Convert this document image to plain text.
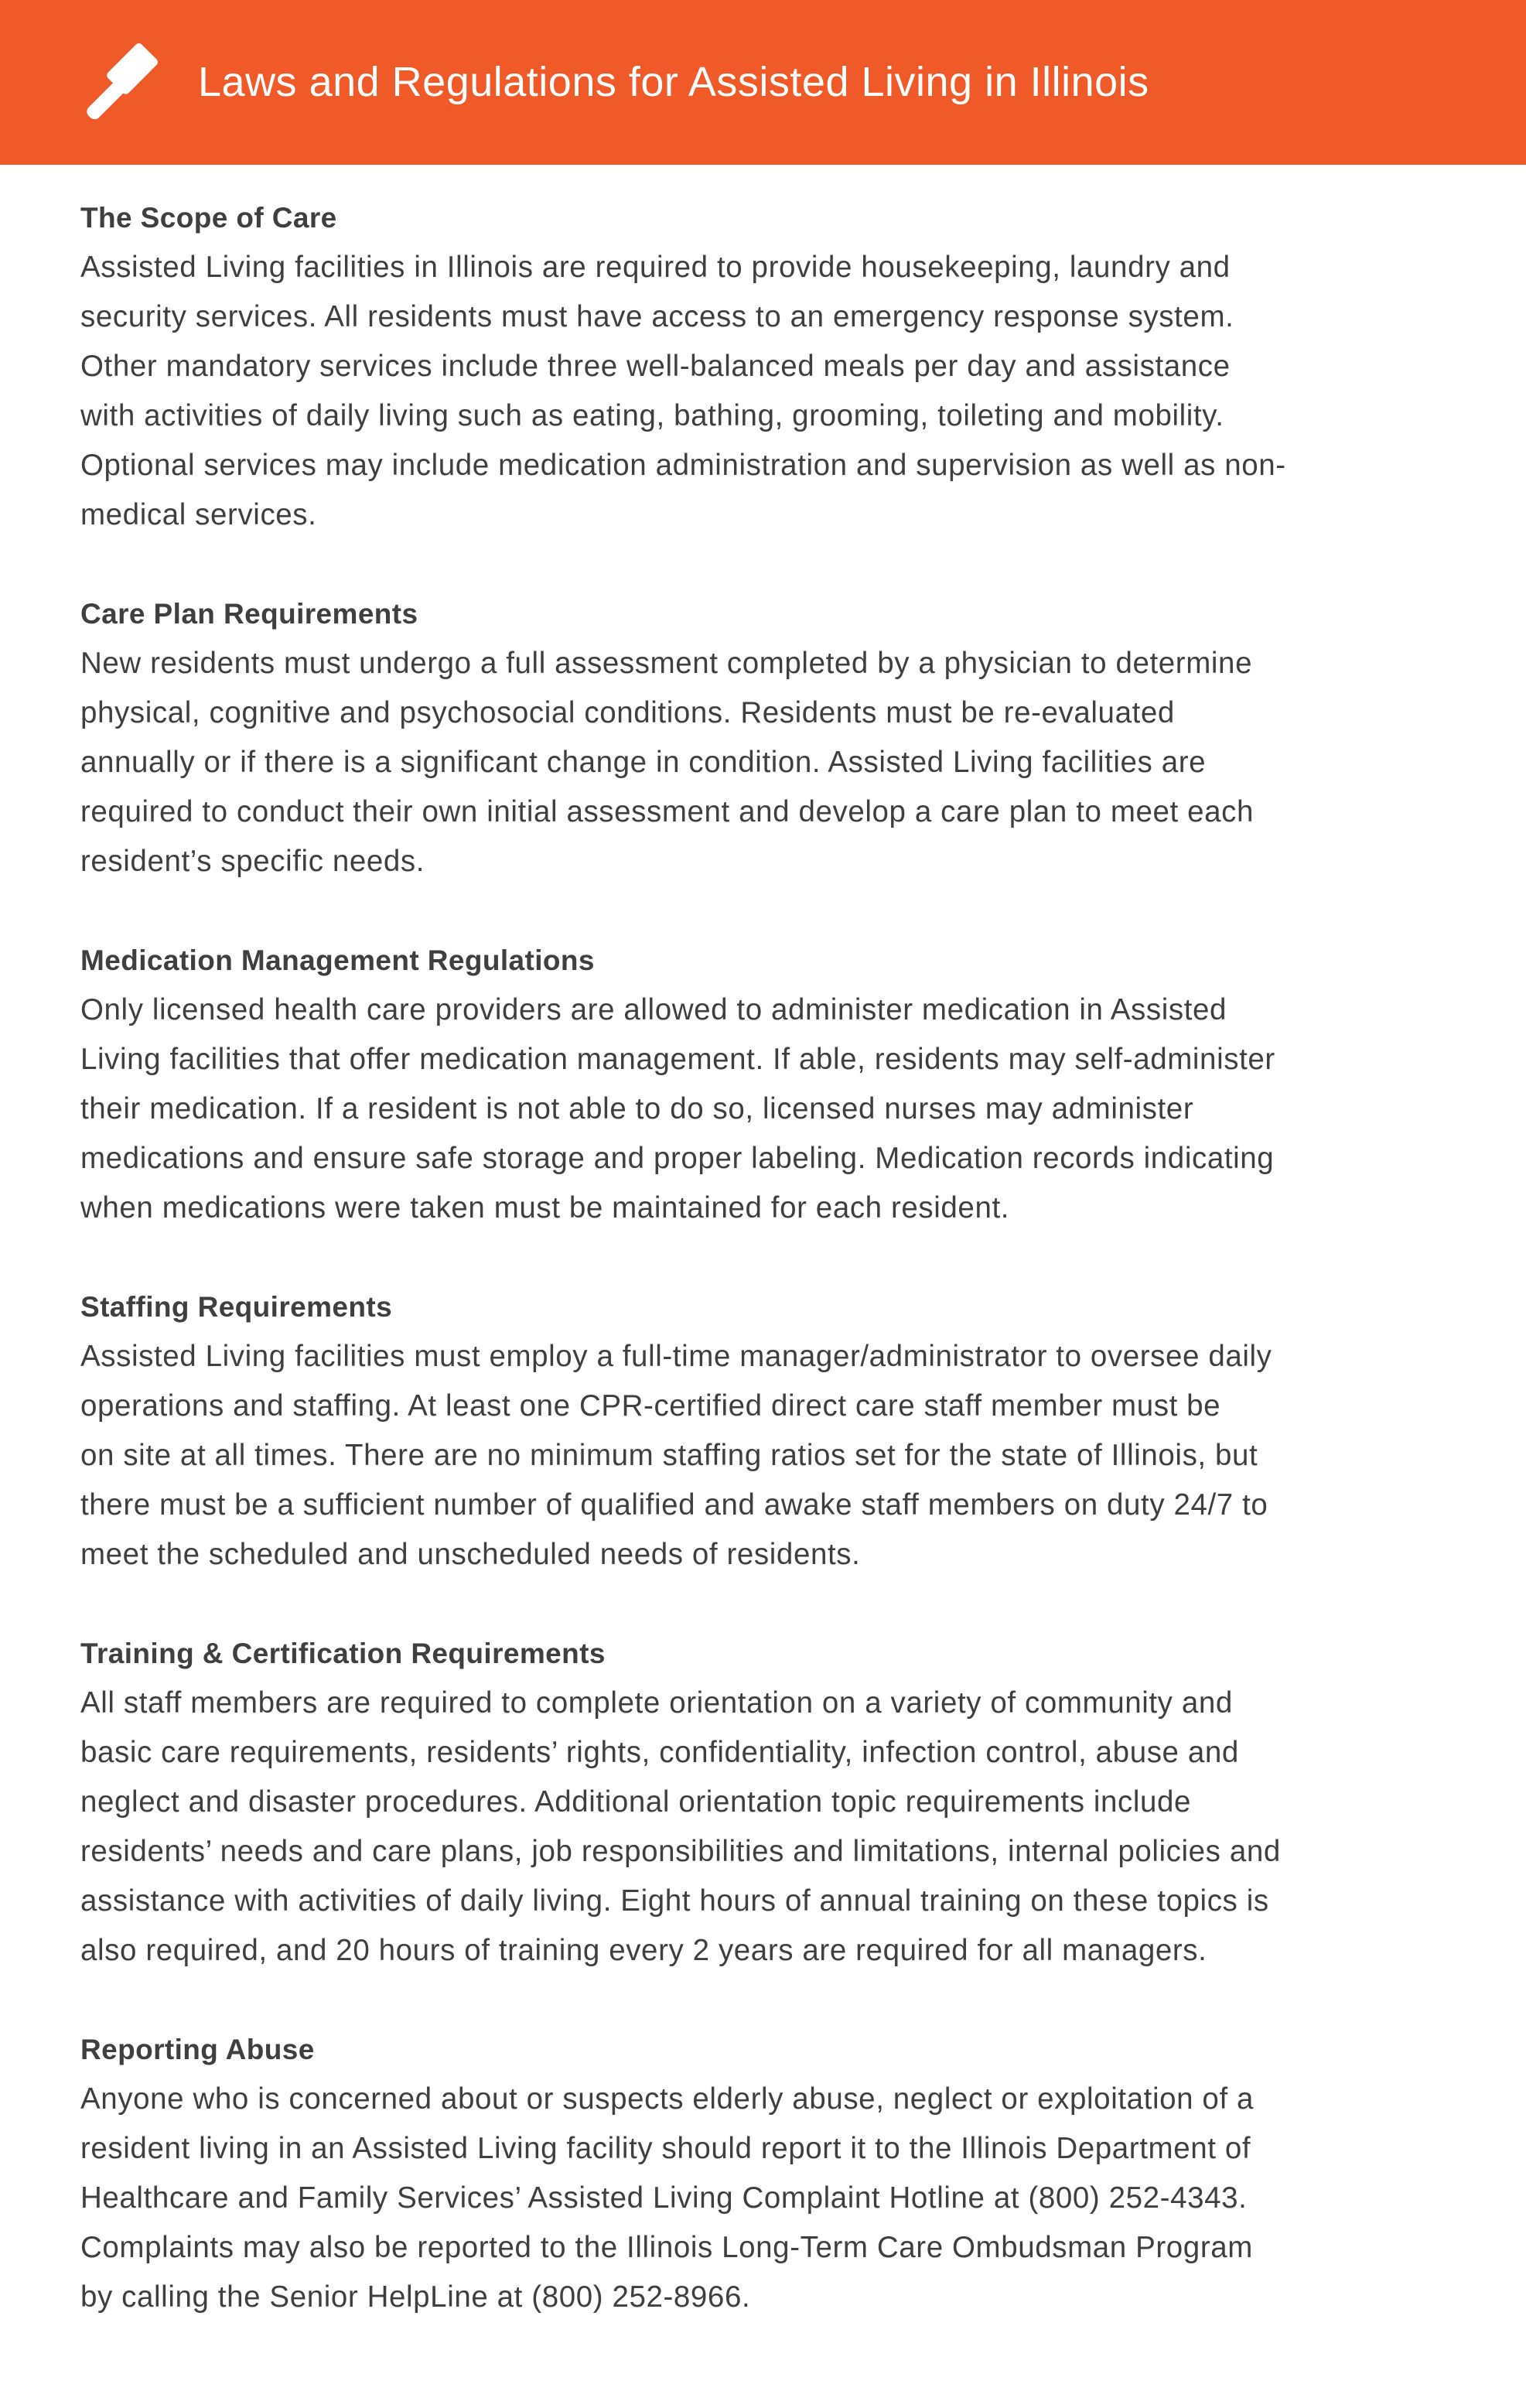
Laws and Regulations for Assisted Living in Illinois
The Scope of Care
Assisted Living facilities in Illinois are required to provide housekeeping, laundry and
security services. All residents must have access to an emergency response system.
Other mandatory services include three well-balanced meals per day and assistance
with activities of daily living such as eating, bathing, grooming, toileting and mobility.
Optional services may include medication administration and supervision as well as non-
medical services.
Care Plan Requirements
New residents must undergo a full assessment completed by a physician to determine
physical, cognitive and psychosocial conditions. Residents must be re-evaluated
annually or if there is a significant change in condition. Assisted Living facilities are
required to conduct their own initial assessment and develop a care plan to meet each
resident’s specific needs.
Medication Management Regulations
Only licensed health care providers are allowed to administer medication in Assisted
Living facilities that offer medication management. If able, residents may self-administer
their medication. If a resident is not able to do so, licensed nurses may administer
medications and ensure safe storage and proper labeling. Medication records indicating
when medications were taken must be maintained for each resident.
Staffing Requirements
Assisted Living facilities must employ a full-time manager/administrator to oversee daily
operations and staffing. At least one CPR-certified direct care staff member must be
on site at all times. There are no minimum staffing ratios set for the state of Illinois, but
there must be a sufficient number of qualified and awake staff members on duty 24/7 to
meet the scheduled and unscheduled needs of residents.
Training & Certification Requirements
All staff members are required to complete orientation on a variety of community and
basic care requirements, residents’ rights, confidentiality, infection control, abuse and
neglect and disaster procedures. Additional orientation topic requirements include
residents’ needs and care plans, job responsibilities and limitations, internal policies and
assistance with activities of daily living. Eight hours of annual training on these topics is
also required, and 20 hours of training every 2 years are required for all managers.
Reporting Abuse
Anyone who is concerned about or suspects elderly abuse, neglect or exploitation of a
resident living in an Assisted Living facility should report it to the Illinois Department of
Healthcare and Family Services’ Assisted Living Complaint Hotline at (800) 252-4343.
Complaints may also be reported to the Illinois Long-Term Care Ombudsman Program
by calling the Senior HelpLine at (800) 252-8966.
